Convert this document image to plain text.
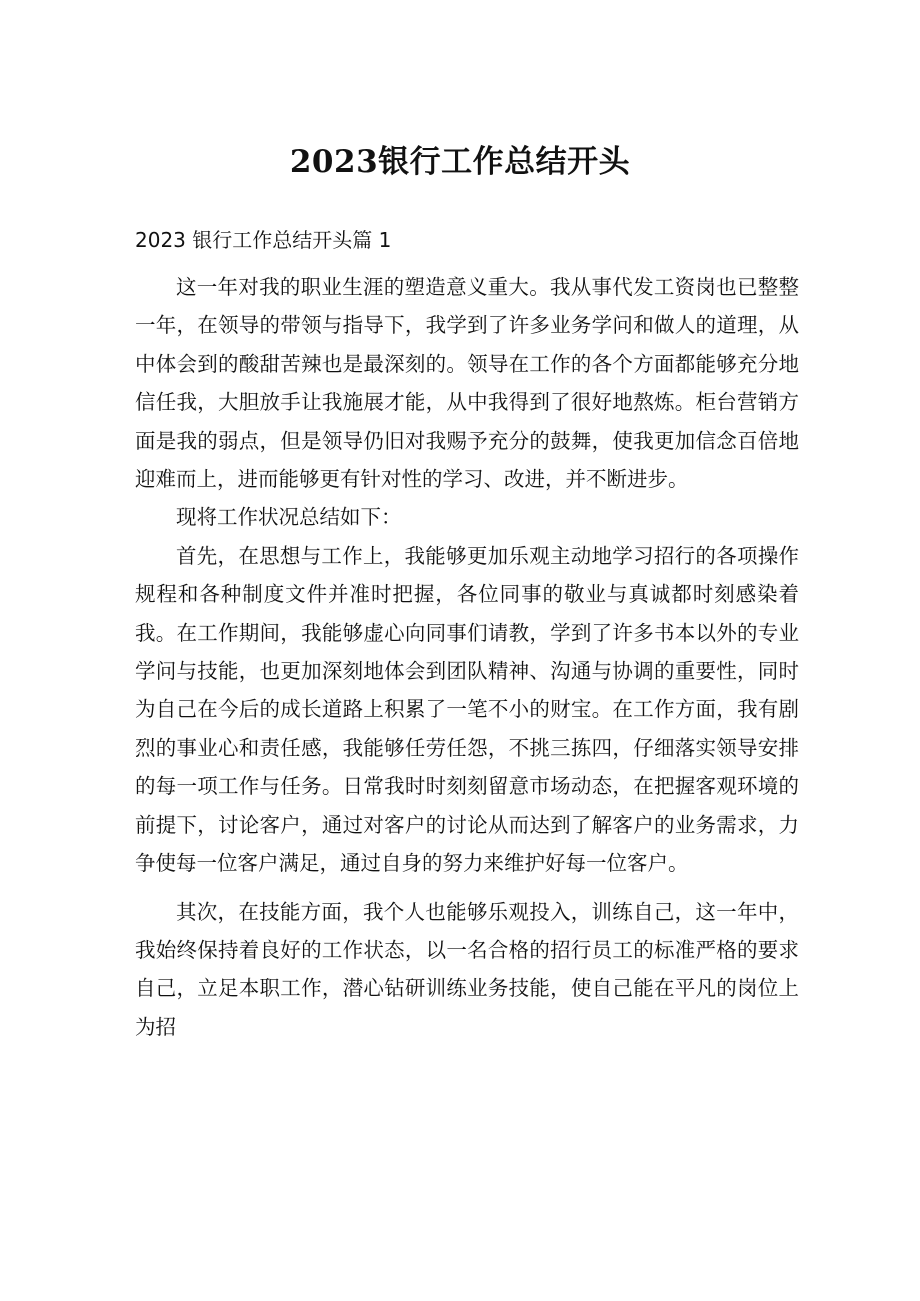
2023银行工作总结开头
2023 银行工作总结开头篇 1

这一年对我的职业生涯的塑造意义重大。我从事代发工资岗也已整整一年，在领导的带领与指导下，我学到了许多业务学问和做人的道理，从中体会到的酸甜苦辣也是最深刻的。领导在工作的各个方面都能够充分地信任我，大胆放手让我施展才能，从中我得到了很好地熬炼。柜台营销方面是我的弱点，但是领导仍旧对我赐予充分的鼓舞，使我更加信念百倍地迎难而上，进而能够更有针对性的学习、改进，并不断进步。

现将工作状况总结如下：

首先，在思想与工作上，我能够更加乐观主动地学习招行的各项操作规程和各种制度文件并准时把握，各位同事的敬业与真诚都时刻感染着我。在工作期间，我能够虚心向同事们请教，学到了许多书本以外的专业学问与技能，也更加深刻地体会到团队精神、沟通与协调的重要性，同时为自己在今后的成长道路上积累了一笔不小的财宝。在工作方面，我有剧烈的事业心和责任感，我能够任劳任怨，不挑三拣四，仔细落实领导安排的每一项工作与任务。日常我时时刻刻留意市场动态，在把握客观环境的前提下，讨论客户，通过对客户的讨论从而达到了解客户的业务需求，力争使每一位客户满足，通过自身的努力来维护好每一位客户。

其次，在技能方面，我个人也能够乐观投入，训练自己，这一年中，我始终保持着良好的工作状态，以一名合格的招行员工的标准严格的要求自己，立足本职工作，潜心钻研训练业务技能，使自己能在平凡的岗位上为招
